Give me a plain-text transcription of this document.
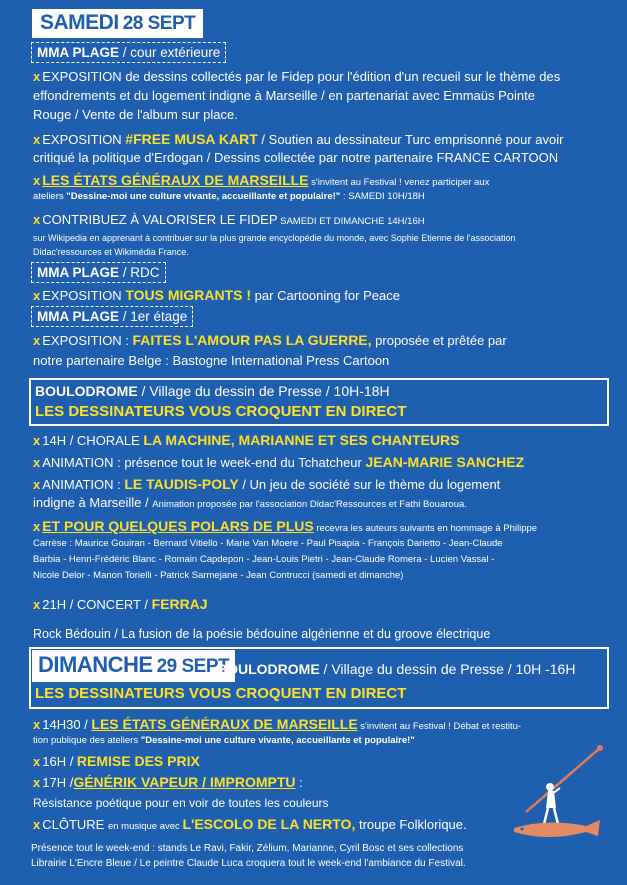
SAMEDI 28 SEPT
MMA PLAGE / cour extérieure
x EXPOSITION de dessins collectés par le Fidep pour l'édition d'un recueil sur le thème des
effondrements et du logement indigne à Marseille / en partenariat avec Emmaüs Pointe
Rouge / Vente de l'album sur place.
x EXPOSITION #FREE MUSA KART / Soutien au dessinateur Turc emprisonné pour avoir
critiqué la politique d'Erdogan / Dessins collectée par notre partenaire FRANCE CARTOON
x LES ÉTATS GÉNÉRAUX DE MARSEILLE s'invitent au Festival ! venez participer aux
ateliers "Dessine-moi une culture vivante, accueillante et populaire!" : SAMEDI 10H/18H
x CONTRIBUEZ À VALORISER LE FIDEP SAMEDI ET DIMANCHE 14H/16H
sur Wikipedia en apprenant à contribuer sur la plus grande encyclopédie du monde, avec Sophie Etienne de l'association
Didac'ressources et Wikimédia France.
MMA PLAGE / RDC
x EXPOSITION TOUS MIGRANTS ! par Cartooning for Peace
MMA PLAGE / 1er étage
x EXPOSITION : FAITES L'AMOUR PAS LA GUERRE, proposée et prêtée par
notre partenaire Belge : Bastogne International Press Cartoon
BOULODROME / Village du dessin de Presse / 10H-18H
LES DESSINATEURS VOUS CROQUENT EN DIRECT
x 14H / CHORALE LA MACHINE, MARIANNE ET SES CHANTEURS
x ANIMATION : présence tout le week-end du Tchatcheur JEAN-MARIE SANCHEZ
x ANIMATION : LE TAUDIS-POLY / Un jeu de société sur le thème du logement
indigne à Marseille / Animation proposée par l'association Didac'Ressources et Fathi Bouaroua.
x ET POUR QUELQUES POLARS DE PLUS recevra les auteurs suivants en hommage à Philippe
Carrèse : Maurice Gouiran - Bernard Vitiello - Marie Van Moere - Paul Pisapia - François Darietto - Jean-Claude
Barbia - Henri-Frédéric Blanc - Romain Capdepon - Jean-Louis Pietri - Jean-Claude Romera - Lucien Vassal -
Nicole Delor - Manon Torielli - Patrick Sarmejane - Jean Contrucci (samedi et dimanche)
x 21H / CONCERT / FERRAJ
Rock Bédouin / La fusion de la poésie bédouine algérienne et du groove électrique
DIMANCHE 29 SEPT
BOULODROME / Village du dessin de Presse / 10H -16H
LES DESSINATEURS VOUS CROQUENT EN DIRECT
x 14H30 / LES ÉTATS GÉNÉRAUX DE MARSEILLE s'invitent au Festival ! Débat et restitu-
tion publique des ateliers "Dessine-moi une culture vivante, accueillante et populaire!"
x 16H / REMISE DES PRIX
x 17H /GÉNÉRIK VAPEUR / IMPROMPTU :
Résistance poétique pour en voir de toutes les couleurs
x CLÔTURE en musique avec L'ESCOLO DE LA NERTO, troupe Folklorique.
Présence tout le week-end : stands Le Ravi, Fakir, Zélium, Marianne, Cyril Bosc et ses collections
Librairie L'Encre Bleue / Le peintre Claude Luca croquera tout le week-end l'ambiance du Festival.
